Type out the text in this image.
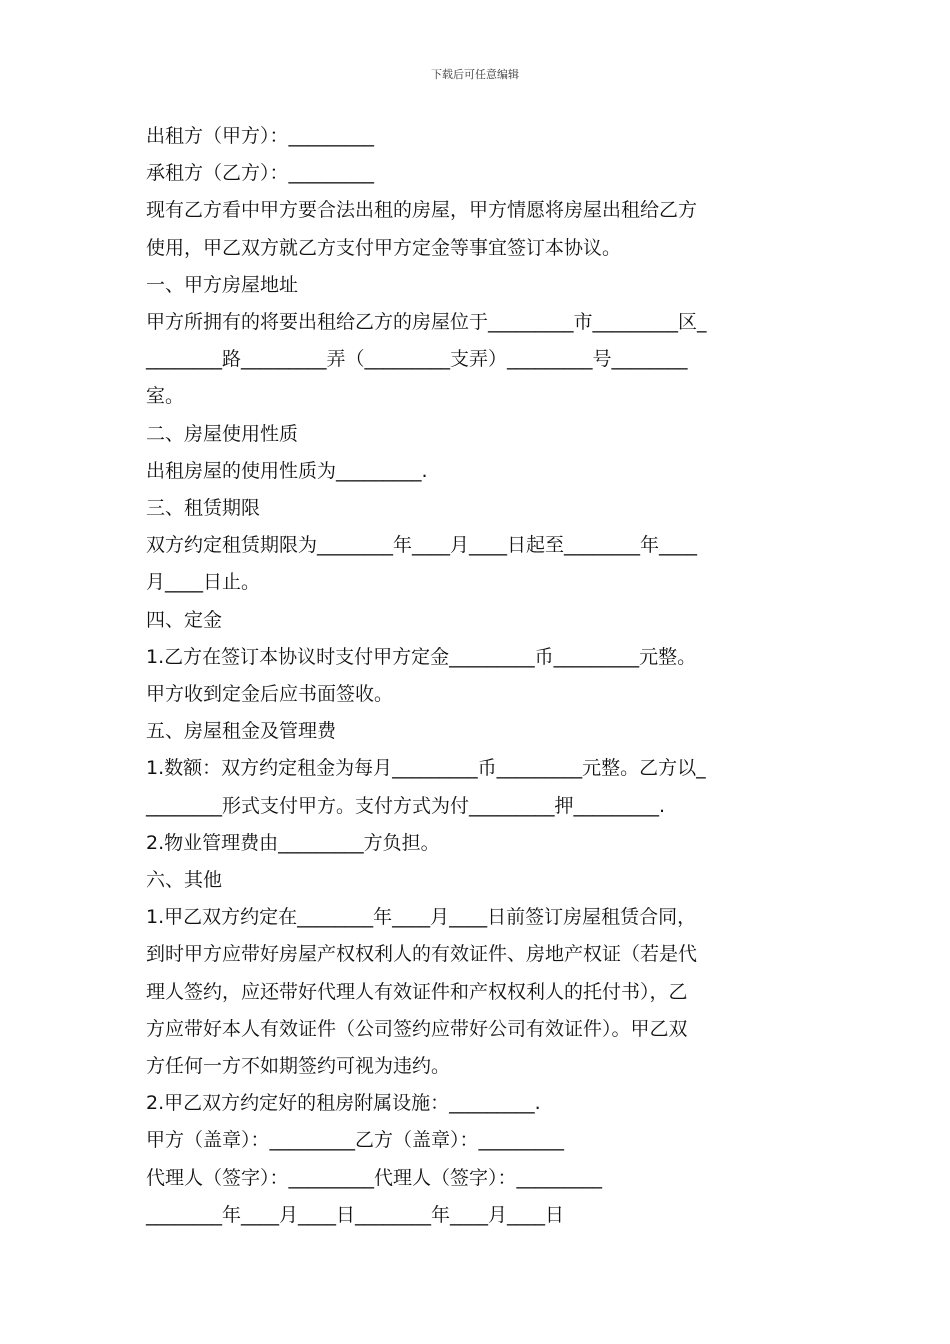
下载后可任意编辑
出租方（甲方）：_________
承租方（乙方）：_________
现有乙方看中甲方要合法出租的房屋，甲方情愿将房屋出租给乙方
使用，甲乙双方就乙方支付甲方定金等事宜签订本协议。
一、甲方房屋地址
甲方所拥有的将要出租给乙方的房屋位于_________市_________区_
________路_________弄（_________支弄）_________号________
室。
二、房屋使用性质
出租房屋的使用性质为_________.
三、租赁期限
双方约定租赁期限为________年____月____日起至________年____
月____日止。
四、定金
1.乙方在签订本协议时支付甲方定金_________币_________元整。
甲方收到定金后应书面签收。
五、房屋租金及管理费
1.数额：双方约定租金为每月_________币_________元整。乙方以_
________形式支付甲方。支付方式为付_________押_________.
2.物业管理费由_________方负担。
六、其他
1.甲乙双方约定在________年____月____日前签订房屋租赁合同，
到时甲方应带好房屋产权权利人的有效证件、房地产权证（若是代
理人签约，应还带好代理人有效证件和产权权利人的托付书），乙
方应带好本人有效证件（公司签约应带好公司有效证件）。甲乙双
方任何一方不如期签约可视为违约。
2.甲乙双方约定好的租房附属设施：_________.
甲方（盖章）：_________乙方（盖章）：_________
代理人（签字）：_________代理人（签字）：_________
________年____月____日________年____月____日
